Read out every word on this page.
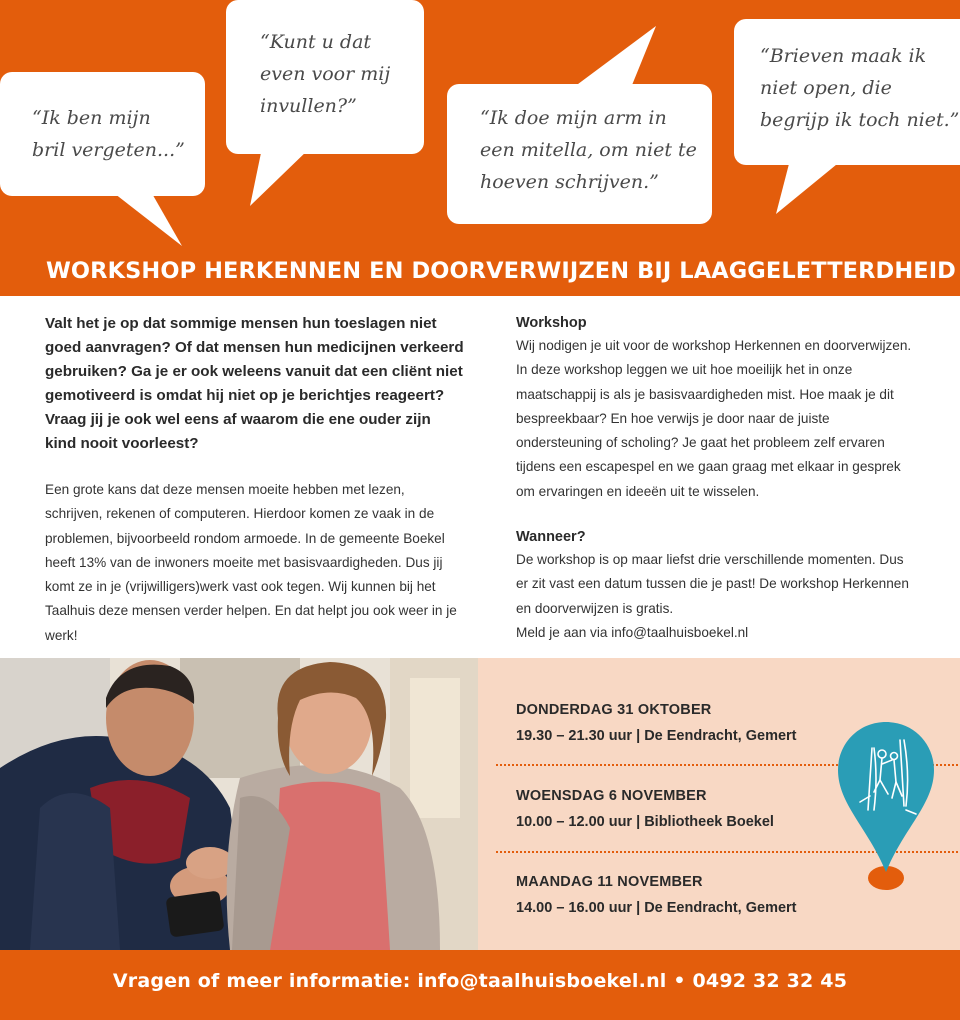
“Ik ben mijn
bril vergeten...”

“Kunt u dat
even voor mij
invullen?”

“Ik doe mijn arm in
een mitella, om niet te
hoeven schrijven.”

“Brieven maak ik
niet open, die
begrijp ik toch niet.”

WORKSHOP HERKENNEN EN DOORVERWIJZEN BIJ LAAGGELETTERDHEID

Valt het je op dat sommige mensen hun toeslagen niet goed aanvragen? Of dat mensen hun medicijnen verkeerd gebruiken? Ga je er ook weleens vanuit dat een cliënt niet gemotiveerd is omdat hij niet op je berichtjes reageert? Vraag jij je ook wel eens af waarom die ene ouder zijn kind nooit voorleest?

Een grote kans dat deze mensen moeite hebben met lezen, schrijven, rekenen of computeren. Hierdoor komen ze vaak in de problemen, bijvoorbeeld rondom armoede. In de gemeente Boekel heeft 13% van de inwoners moeite met basisvaardigheden. Dus jij komt ze in je (vrijwilligers)werk vast ook tegen. Wij kunnen bij het Taalhuis deze mensen verder helpen. En dat helpt jou ook weer in je werk!

Workshop

Wij nodigen je uit voor de workshop Herkennen en doorverwijzen. In deze workshop leggen we uit hoe moeilijk het in onze maatschappij is als je basisvaardigheden mist. Hoe maak je dit bespreekbaar? En hoe verwijs je door naar de juiste ondersteuning of scholing? Je gaat het probleem zelf ervaren tijdens een escapespel en we gaan graag met elkaar in gesprek om ervaringen en ideeën uit te wisselen.

Wanneer?

De workshop is op maar liefst drie verschillende momenten. Dus er zit vast een datum tussen die je past! De workshop Herkennen en doorverwijzen is gratis.

Meld je aan via info@taalhuisboekel.nl

DONDERDAG 31 OKTOBER

19.30 – 21.30 uur | De Eendracht, Gemert

WOENSDAG 6 NOVEMBER

10.00 – 12.00 uur | Bibliotheek Boekel

MAANDAG 11 NOVEMBER

14.00 – 16.00 uur | De Eendracht, Gemert

Vragen of meer informatie: info@taalhuisboekel.nl • 0492 32 32 45
